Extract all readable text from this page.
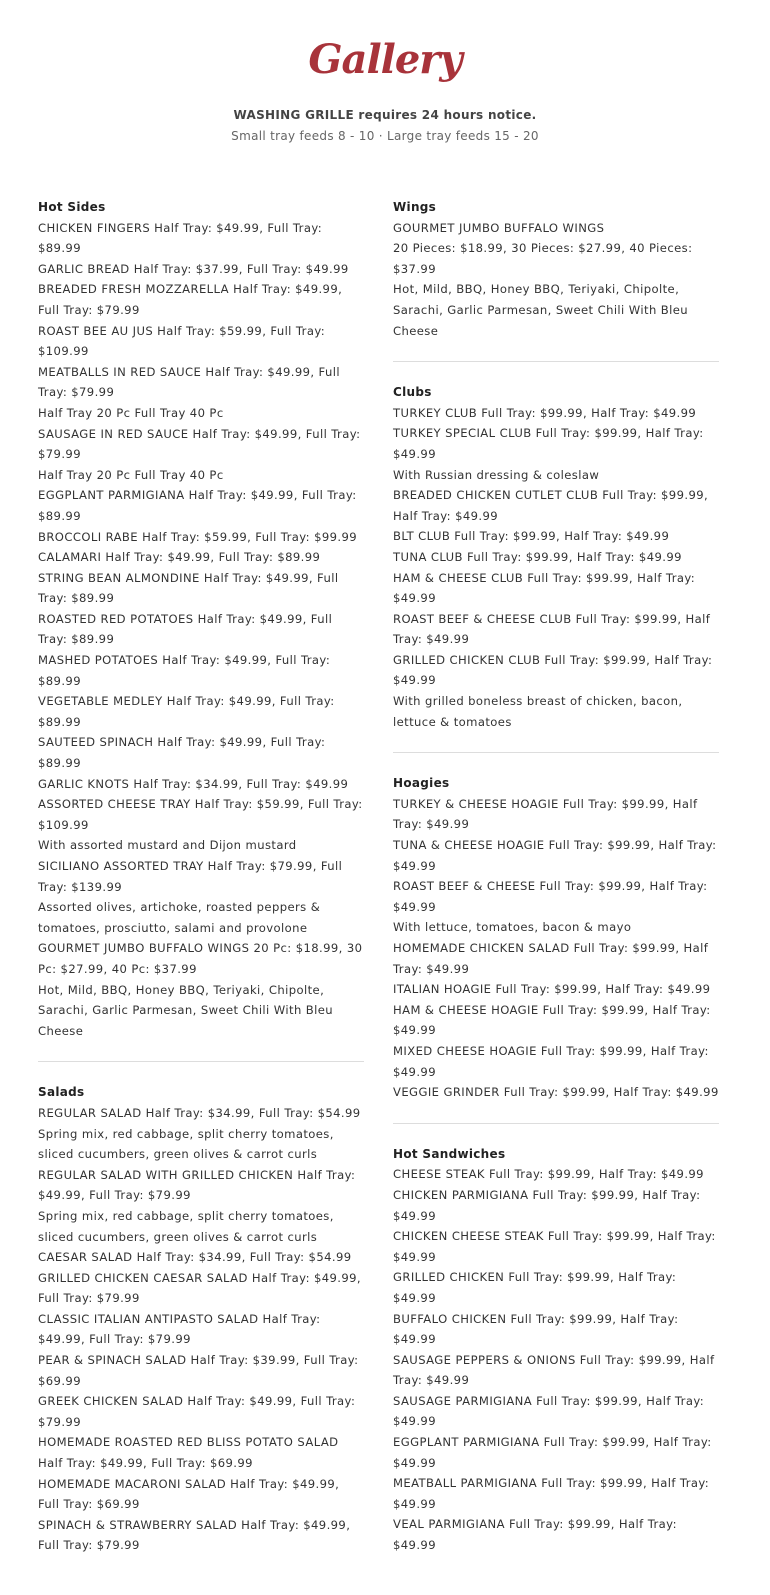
Gallery

WASHING GRILLE requires 24 hours notice.

Small tray feeds 8 - 10 · Large tray feeds 15 - 20

Hot Sides
CHICKEN FINGERS Half Tray: $49.99, Full Tray: $89.99
GARLIC BREAD Half Tray: $37.99, Full Tray: $49.99
BREADED FRESH MOZZARELLA Half Tray: $49.99, Full Tray: $79.99
ROAST BEE AU JUS Half Tray: $59.99, Full Tray: $109.99
MEATBALLS IN RED SAUCE Half Tray: $49.99, Full Tray: $79.99
Half Tray 20 Pc Full Tray 40 Pc
SAUSAGE IN RED SAUCE Half Tray: $49.99, Full Tray: $79.99
Half Tray 20 Pc Full Tray 40 Pc
EGGPLANT PARMIGIANA Half Tray: $49.99, Full Tray: $89.99
BROCCOLI RABE Half Tray: $59.99, Full Tray: $99.99
CALAMARI Half Tray: $49.99, Full Tray: $89.99
STRING BEAN ALMONDINE Half Tray: $49.99, Full Tray: $89.99
ROASTED RED POTATOES Half Tray: $49.99, Full Tray: $89.99
MASHED POTATOES Half Tray: $49.99, Full Tray: $89.99
VEGETABLE MEDLEY Half Tray: $49.99, Full Tray: $89.99
SAUTEED SPINACH Half Tray: $49.99, Full Tray: $89.99
GARLIC KNOTS Half Tray: $34.99, Full Tray: $49.99
ASSORTED CHEESE TRAY Half Tray: $59.99, Full Tray: $109.99
With assorted mustard and Dijon mustard
SICILIANO ASSORTED TRAY Half Tray: $79.99, Full Tray: $139.99
Assorted olives, artichoke, roasted peppers & tomatoes, prosciutto, salami and provolone
GOURMET JUMBO BUFFALO WINGS 20 Pc: $18.99, 30 Pc: $27.99, 40 Pc: $37.99
Hot, Mild, BBQ, Honey BBQ, Teriyaki, Chipolte, Sarachi, Garlic Parmesan, Sweet Chili With Bleu Cheese
Salads
REGULAR SALAD Half Tray: $34.99, Full Tray: $54.99
Spring mix, red cabbage, split cherry tomatoes, sliced cucumbers, green olives & carrot curls
REGULAR SALAD WITH GRILLED CHICKEN Half Tray: $49.99, Full Tray: $79.99
Spring mix, red cabbage, split cherry tomatoes, sliced cucumbers, green olives & carrot curls
CAESAR SALAD Half Tray: $34.99, Full Tray: $54.99
GRILLED CHICKEN CAESAR SALAD Half Tray: $49.99, Full Tray: $79.99
CLASSIC ITALIAN ANTIPASTO SALAD Half Tray: $49.99, Full Tray: $79.99
PEAR & SPINACH SALAD Half Tray: $39.99, Full Tray: $69.99
GREEK CHICKEN SALAD Half Tray: $49.99, Full Tray: $79.99
HOMEMADE ROASTED RED BLISS POTATO SALAD Half Tray: $49.99, Full Tray: $69.99
HOMEMADE MACARONI SALAD Half Tray: $49.99, Full Tray: $69.99
SPINACH & STRAWBERRY SALAD Half Tray: $49.99, Full Tray: $79.99
Wings
GOURMET JUMBO BUFFALO WINGS
20 Pieces: $18.99, 30 Pieces: $27.99, 40 Pieces: $37.99
Hot, Mild, BBQ, Honey BBQ, Teriyaki, Chipolte, Sarachi, Garlic Parmesan, Sweet Chili With Bleu Cheese
Clubs
TURKEY CLUB Full Tray: $99.99, Half Tray: $49.99
TURKEY SPECIAL CLUB Full Tray: $99.99, Half Tray: $49.99
With Russian dressing & coleslaw
BREADED CHICKEN CUTLET CLUB Full Tray: $99.99, Half Tray: $49.99
BLT CLUB Full Tray: $99.99, Half Tray: $49.99
TUNA CLUB Full Tray: $99.99, Half Tray: $49.99
HAM & CHEESE CLUB Full Tray: $99.99, Half Tray: $49.99
ROAST BEEF & CHEESE CLUB Full Tray: $99.99, Half Tray: $49.99
GRILLED CHICKEN CLUB Full Tray: $99.99, Half Tray: $49.99
With grilled boneless breast of chicken, bacon, lettuce & tomatoes
Hoagies
TURKEY & CHEESE HOAGIE Full Tray: $99.99, Half Tray: $49.99
TUNA & CHEESE HOAGIE Full Tray: $99.99, Half Tray: $49.99
ROAST BEEF & CHEESE Full Tray: $99.99, Half Tray: $49.99
With lettuce, tomatoes, bacon & mayo
HOMEMADE CHICKEN SALAD Full Tray: $99.99, Half Tray: $49.99
ITALIAN HOAGIE Full Tray: $99.99, Half Tray: $49.99
HAM & CHEESE HOAGIE Full Tray: $99.99, Half Tray: $49.99
MIXED CHEESE HOAGIE Full Tray: $99.99, Half Tray: $49.99
VEGGIE GRINDER Full Tray: $99.99, Half Tray: $49.99
Hot Sandwiches
CHEESE STEAK Full Tray: $99.99, Half Tray: $49.99
CHICKEN PARMIGIANA Full Tray: $99.99, Half Tray: $49.99
CHICKEN CHEESE STEAK Full Tray: $99.99, Half Tray: $49.99
GRILLED CHICKEN Full Tray: $99.99, Half Tray: $49.99
BUFFALO CHICKEN Full Tray: $99.99, Half Tray: $49.99
SAUSAGE PEPPERS & ONIONS Full Tray: $99.99, Half Tray: $49.99
SAUSAGE PARMIGIANA Full Tray: $99.99, Half Tray: $49.99
EGGPLANT PARMIGIANA Full Tray: $99.99, Half Tray: $49.99
MEATBALL PARMIGIANA Full Tray: $99.99, Half Tray: $49.99
VEAL PARMIGIANA Full Tray: $99.99, Half Tray: $49.99
